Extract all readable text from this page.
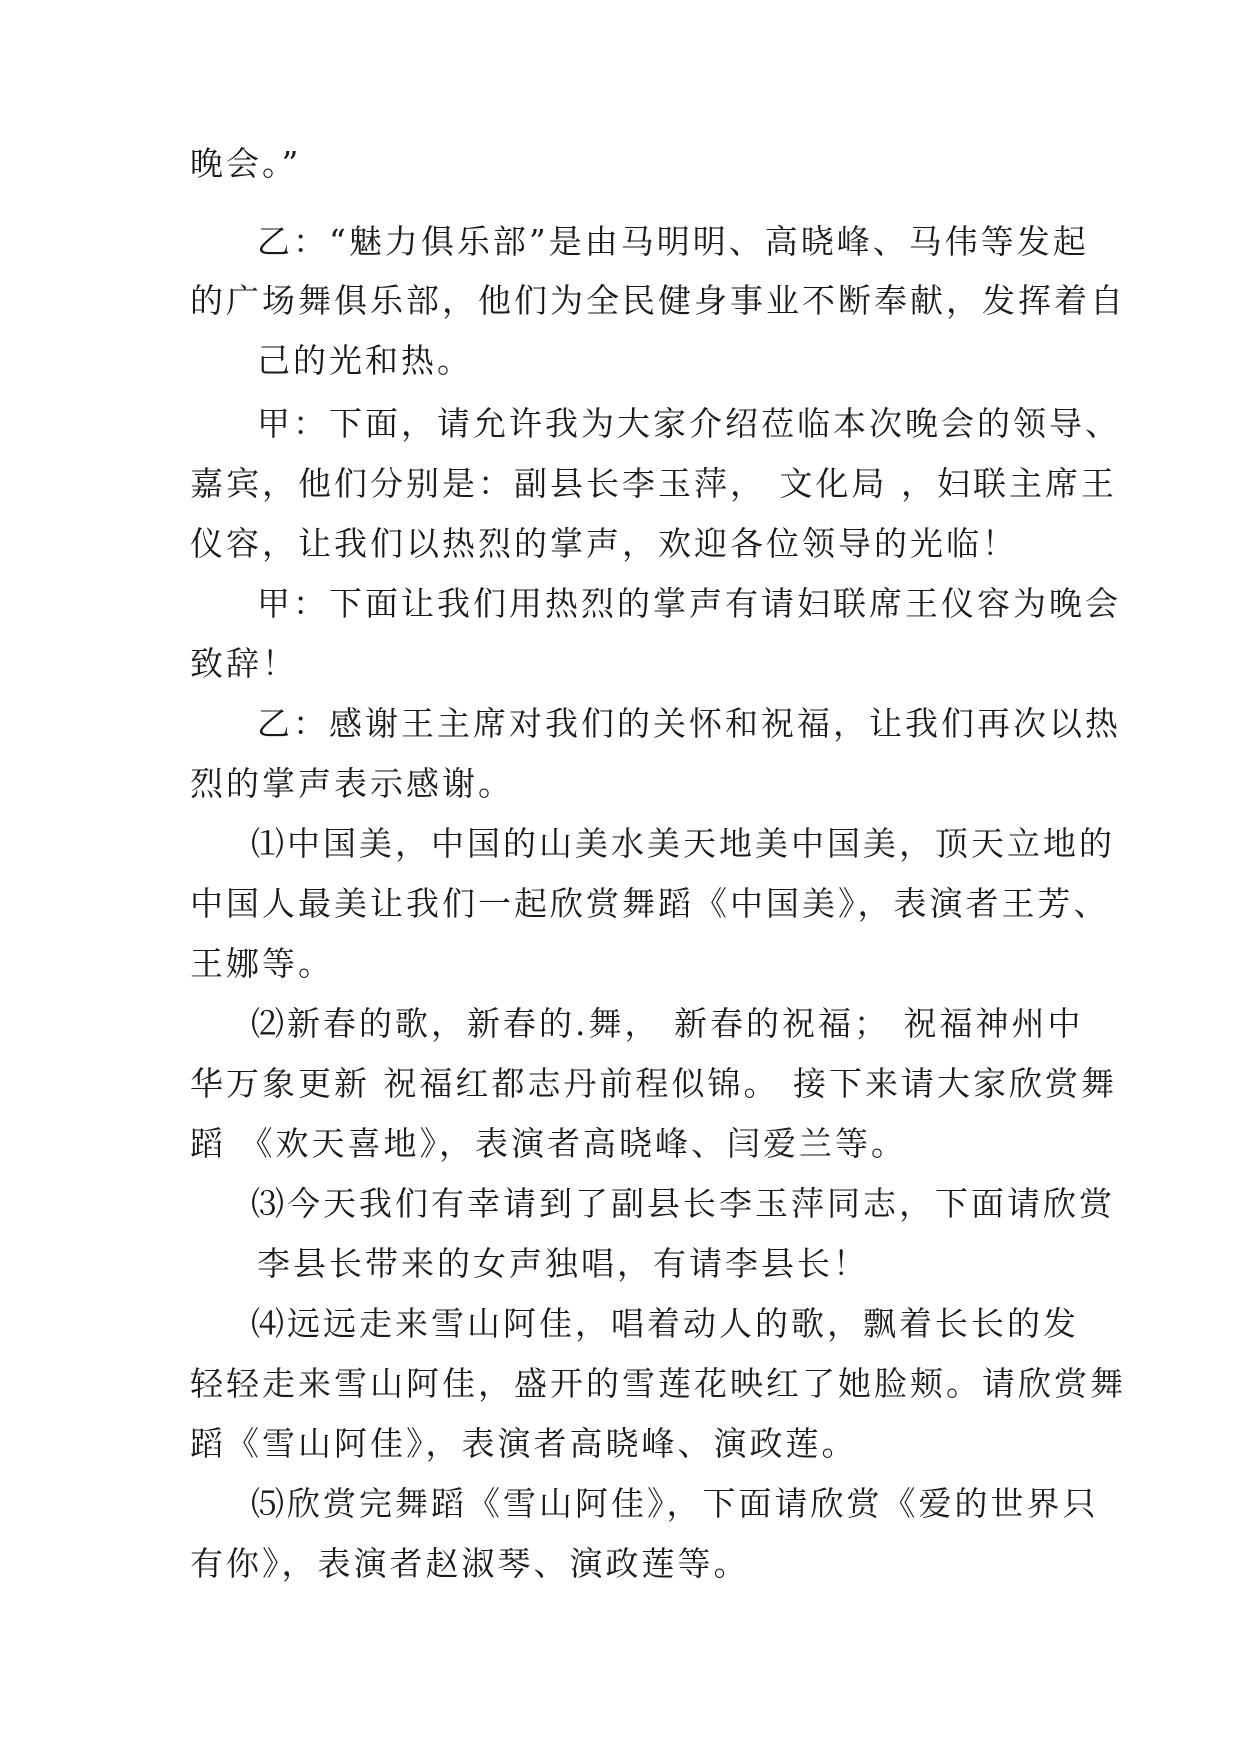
晚会。”
乙：“魅力俱乐部”是由马明明、高晓峰、马伟等发起
的广场舞俱乐部，他们为全民健身事业不断奉献，发挥着自
己的光和热。
甲：下面，请允许我为大家介绍莅临本次晚会的领导、
嘉宾，他们分别是：副县长李玉萍， 文化局 ，妇联主席王
仪容，让我们以热烈的掌声，欢迎各位领导的光临！
甲：下面让我们用热烈的掌声有请妇联席王仪容为晚会
致辞！
乙：感谢王主席对我们的关怀和祝福，让我们再次以热
烈的掌声表示感谢。
⑴中国美，中国的山美水美天地美中国美，顶天立地的
中国人最美让我们一起欣赏舞蹈《中国美》，表演者王芳、
王娜等。
⑵新春的歌，新春的.舞， 新春的祝福； 祝福神州中
华万象更新 祝福红都志丹前程似锦。 接下来请大家欣赏舞
蹈 《欢天喜地》，表演者高晓峰、闫爱兰等。
⑶今天我们有幸请到了副县长李玉萍同志，下面请欣赏
李县长带来的女声独唱，有请李县长！
⑷远远走来雪山阿佳，唱着动人的歌，飘着长长的发
轻轻走来雪山阿佳，盛开的雪莲花映红了她脸颊。请欣赏舞
蹈《雪山阿佳》，表演者高晓峰、演政莲。
⑸欣赏完舞蹈《雪山阿佳》，下面请欣赏《爱的世界只
有你》，表演者赵淑琴、演政莲等。
